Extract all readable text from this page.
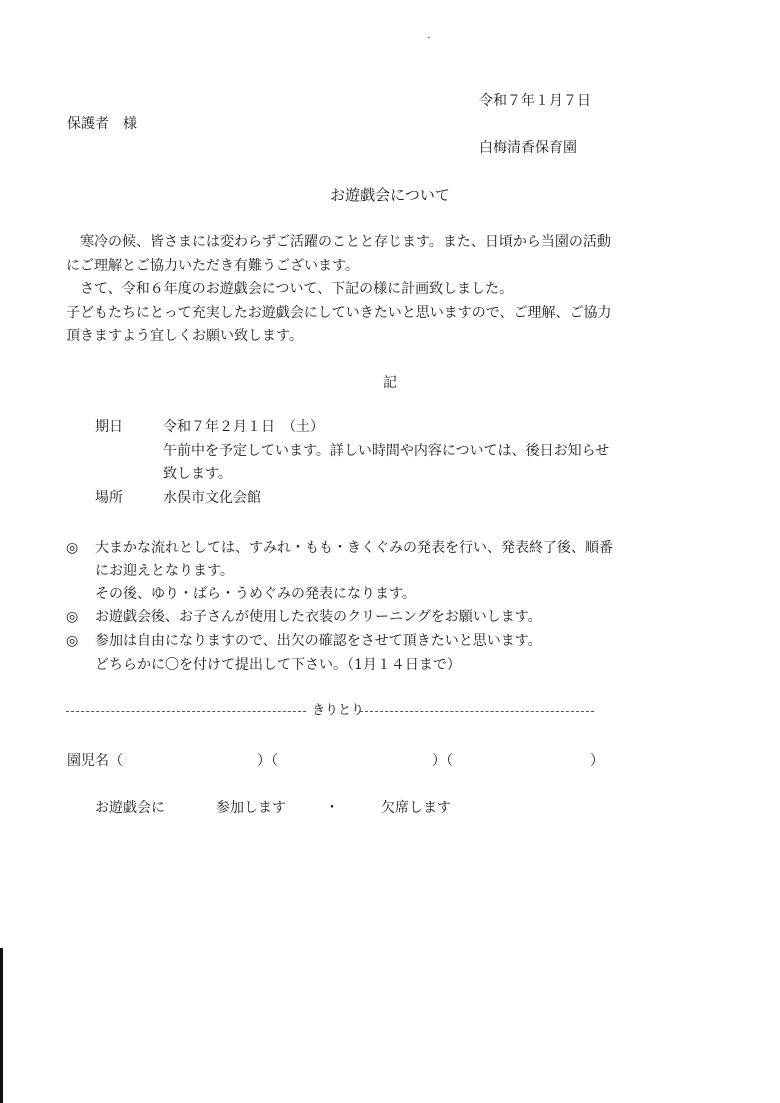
令和７年１月７日
保護者　様
白梅清香保育園
お遊戯会について

寒冷の候、皆さまには変わらずご活躍のことと存じます。また、日頃から当園の活動

にご理解とご協力いただき有難うございます。

さて、令和６年度のお遊戯会について、下記の様に計画致しました。

子どもたちにとって充実したお遊戯会にしていきたいと思いますので、ご理解、ご協力

頂きますよう宜しくお願い致します。

記
期日	令和７年２月１日　（土）
午前中を予定しています。詳しい時間や内容については、後日お知らせ
致します。
場所	水俣市文化会館
◎ 大まかな流れとしては、すみれ・もも・きくぐみの発表を行い、発表終了後、順番
にお迎えとなります。
その後、ゆり・ばら・うめぐみの発表になります。
◎ お遊戯会後、お子さんが使用した衣装のクリーニングをお願いします。
◎ 参加は自由になりますので、出欠の確認をさせて頂きたいと思います。
どちらかに〇を付けて提出して下さい。（1月１４日まで）
きりとり
園児名（	）（	）（	）
お遊戯会に	参加します	・	欠席します
